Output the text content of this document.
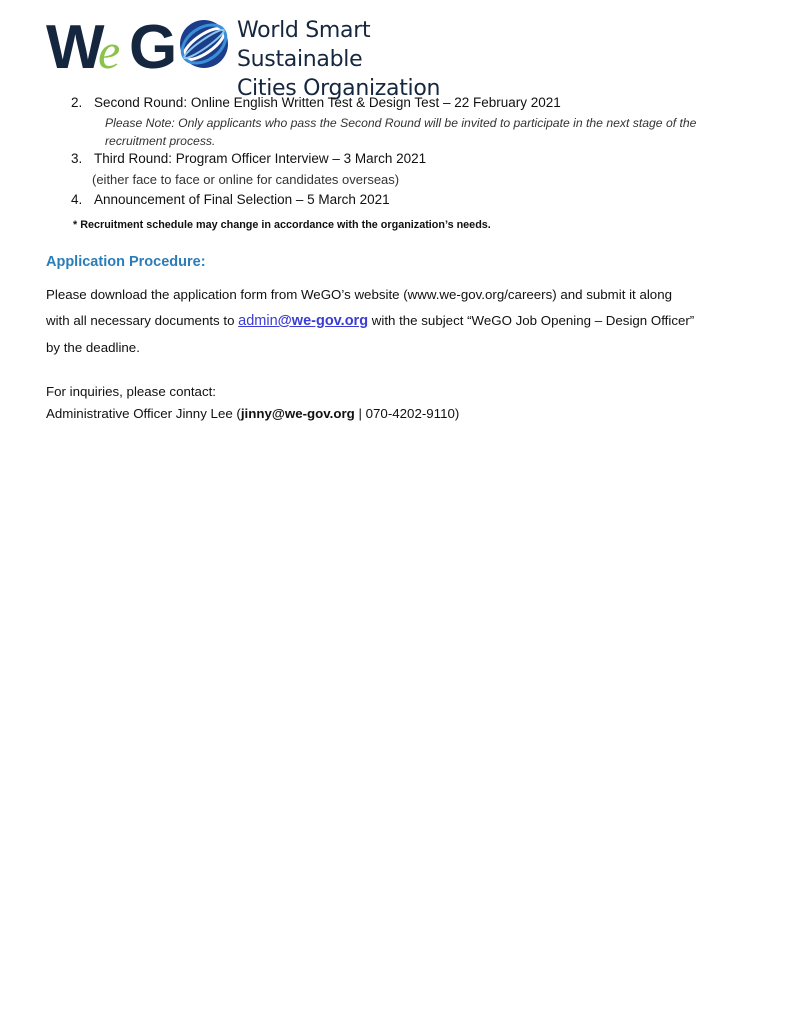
W e G	World Smart Sustainable
Cities Organization
2. Second Round: Online English Written Test & Design Test – 22 February 2021
Please Note: Only applicants who pass the Second Round will be invited to participate in the next stage of the
recruitment process.
3. Third Round: Program Officer Interview – 3 March 2021
(either face to face or online for candidates overseas)
4. Announcement of Final Selection – 5 March 2021
* Recruitment schedule may change in accordance with the organization’s needs.
Application Procedure:
Please download the application form from WeGO’s website (www.we-gov.org/careers) and submit it along
with all necessary documents to admin@we-gov.org with the subject “WeGO Job Opening – Design Officer”
by the deadline.
For inquiries, please contact:
Administrative Officer Jinny Lee (jinny@we-gov.org | 070-4202-9110)
